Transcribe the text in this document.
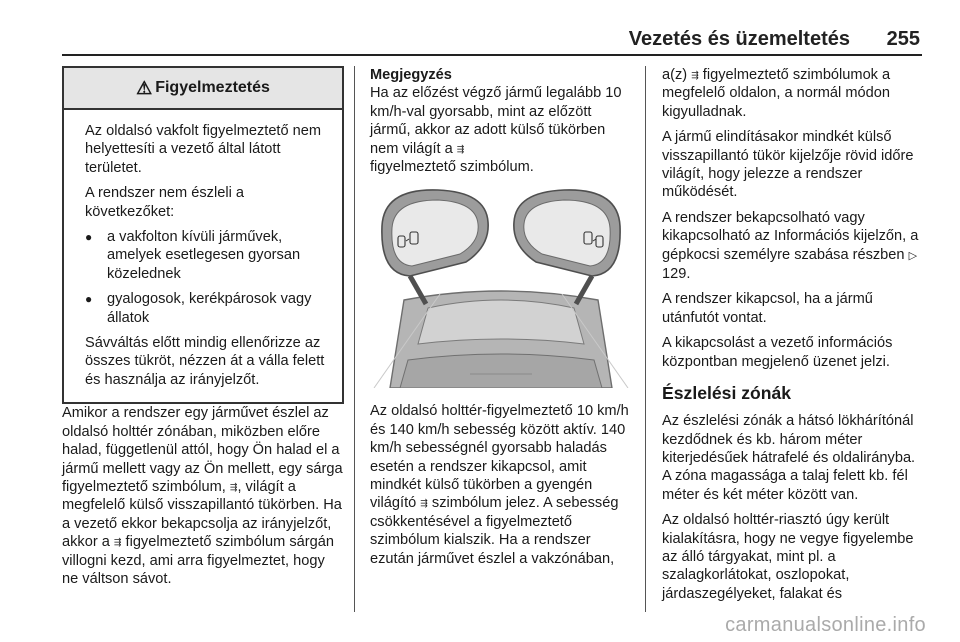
Vezetés és üzemeltetés 255
⚠ Figyelmeztetés

Az oldalsó vakfolt figyelmeztető nem helyettesíti a vezető által látott területet.

A rendszer nem észleli a következőket:

● a vakfolton kívüli járművek, amelyek esetlegesen gyorsan közelednek
● gyalogosok, kerékpárosok vagy állatok

Sávváltás előtt mindig ellenőrizze az összes tükröt, nézzen át a válla felett és használja az irányjelzőt.

Amikor a rendszer egy járművet észlel az oldalsó holttér zónában, miközben előre halad, függetlenül attól, hogy Ön halad el a jármű mellett vagy az Ön mellett, egy sárga figyelmeztető szimbólum, ⇶, világít a megfelelő külső visszapillantó tükörben. Ha a vezető ekkor bekapcsolja az irányjelzőt, akkor a ⇶ figyelmeztető szimbólum sárgán villogni kezd, ami arra figyelmeztet, hogy ne váltson sávot.

Megjegyzés

Ha az előzést végző jármű legalább 10 km/h-val gyorsabb, mint az előzött jármű, akkor az adott külső tükörben nem világít a ⇶
figyelmeztető szimbólum.

Az oldalsó holttér-figyelmeztető 10 km/h és 140 km/h sebesség között aktív. 140 km/h sebességnél gyorsabb haladás esetén a rendszer kikapcsol, amit mindkét külső tükörben a gyengén világító ⇶ szimbólum jelez. A sebesség csökkentésével a figyelmeztető szimbólum kialszik. Ha a rendszer ezután járművet észlel a vakzónában,

a(z) ⇶ figyelmeztető szimbólumok a megfelelő oldalon, a normál módon kigyulladnak.

A jármű elindításakor mindkét külső visszapillantó tükör kijelzője rövid időre világít, hogy jelezze a rendszer működését.

A rendszer bekapcsolható vagy kikapcsolható az Információs kijelzőn, a gépkocsi személyre szabása részben ▷ 129.

A rendszer kikapcsol, ha a jármű utánfutót vontat.

A kikapcsolást a vezető információs központban megjelenő üzenet jelzi.

Észlelési zónák

Az észlelési zónák a hátsó lökhárítónál kezdődnek és kb. három méter kiterjedésűek hátrafelé és oldalirányba. A zóna magassága a talaj felett kb. fél méter és két méter között van.

Az oldalsó holttér-riasztó úgy került kialakításra, hogy ne vegye figyelembe az álló tárgyakat, mint pl. a szalagkorlátokat, oszlopokat, járdaszegélyeket, falakat és

carmanualsonline.info
